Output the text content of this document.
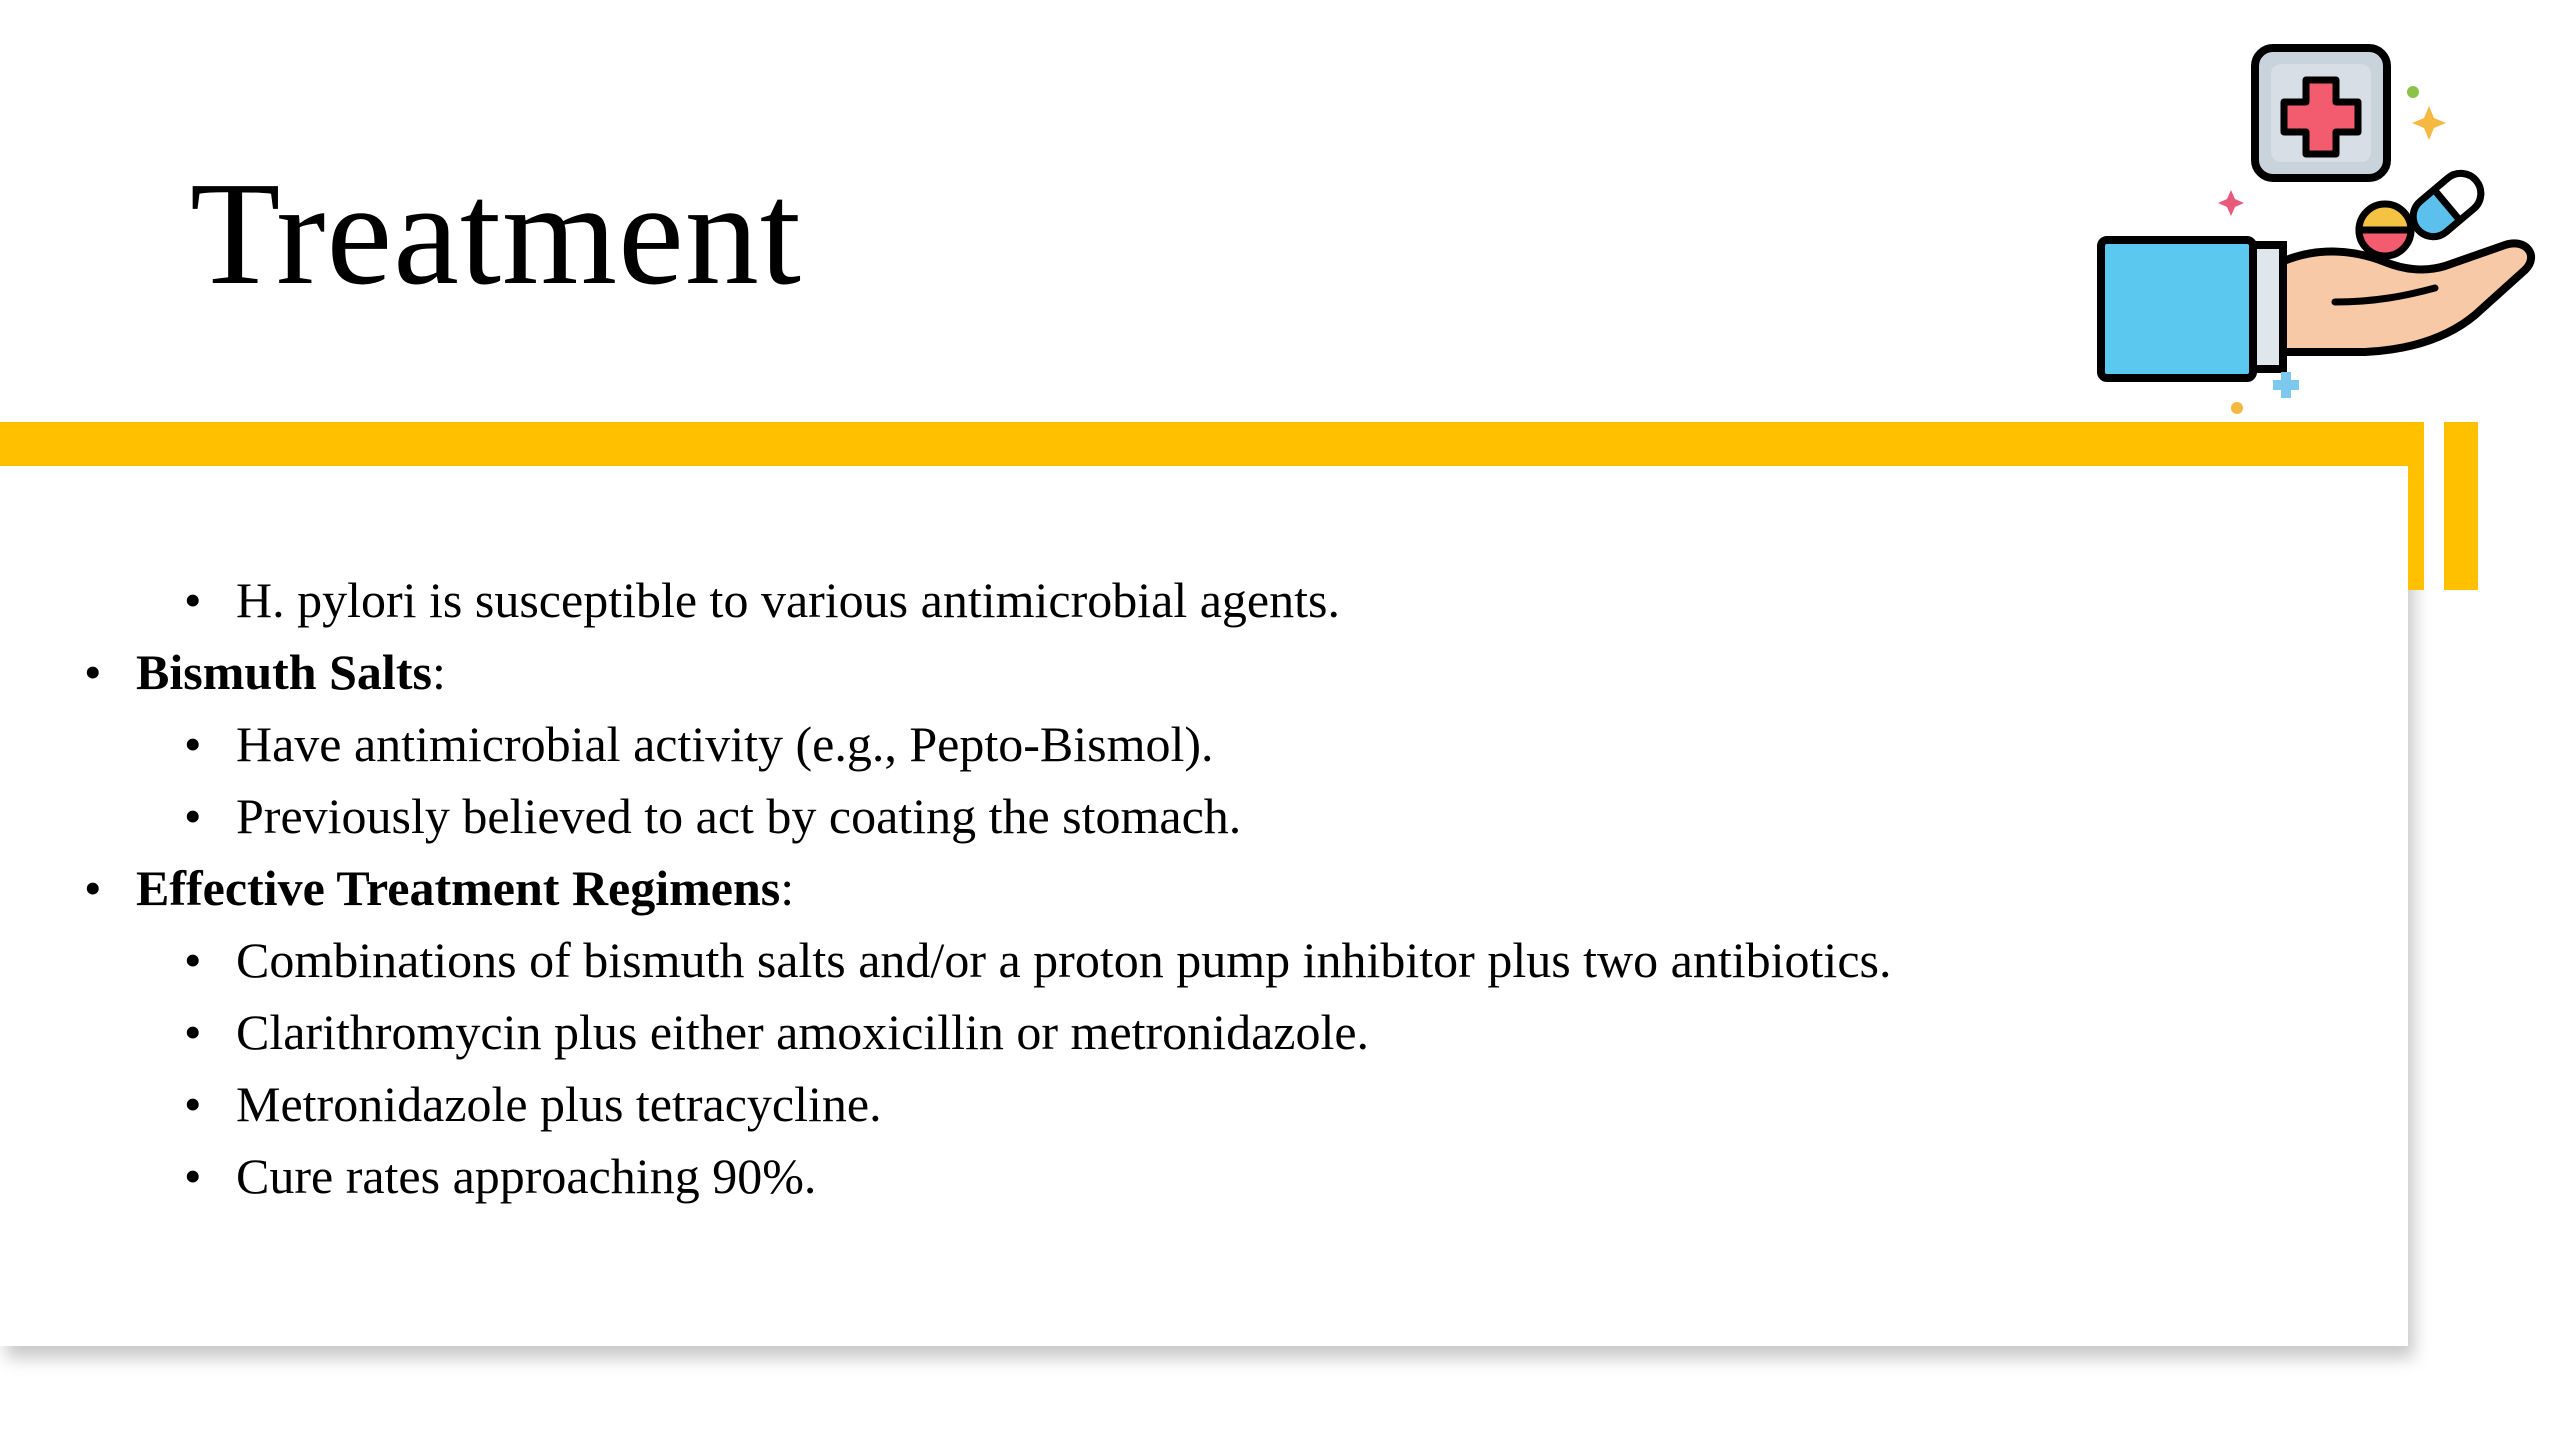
Treatment
• H. pylori is susceptible to various antimicrobial agents.
• Bismuth Salts:
• Have antimicrobial activity (e.g., Pepto-Bismol).
• Previously believed to act by coating the stomach.
• Effective Treatment Regimens:
• Combinations of bismuth salts and/or a proton pump inhibitor plus two antibiotics.
• Clarithromycin plus either amoxicillin or metronidazole.
• Metronidazole plus tetracycline.
• Cure rates approaching 90%.
